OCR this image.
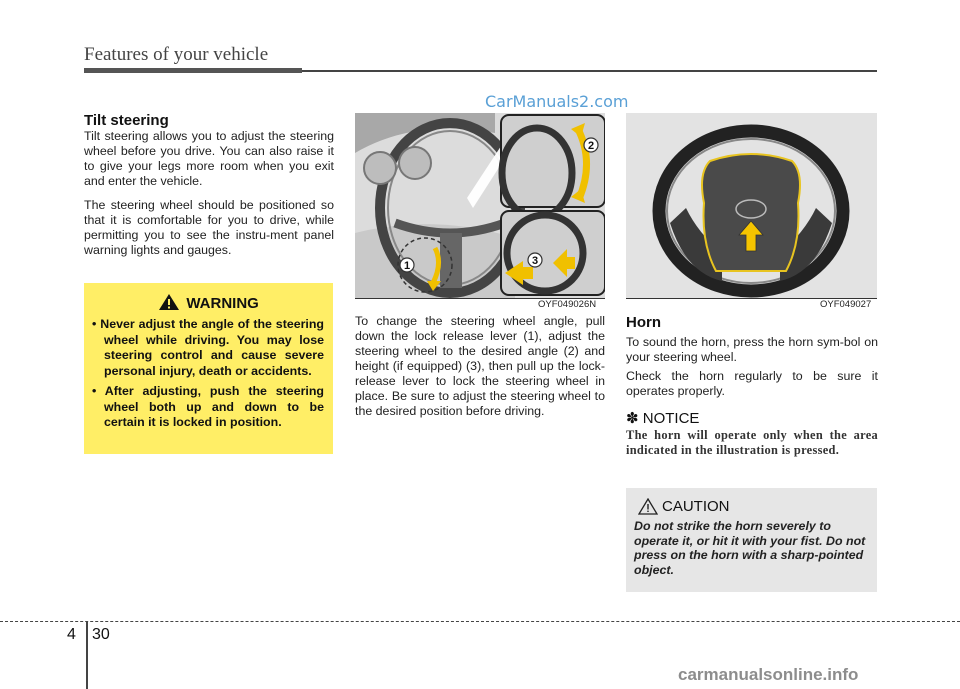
Features of your vehicle
CarManuals2.com
Tilt steering

Tilt steering allows you to adjust the steering wheel before you drive. You can also raise it to give your legs more room when you exit and enter the vehicle.

The steering wheel should be positioned so that it is comfortable for you to drive, while permitting you to see the instru-ment panel warning lights and gauges.

WARNING
• Never adjust the angle of the steering wheel while driving. You may lose steering control and cause severe personal injury, death or accidents.
• After adjusting, push the steering wheel both up and down to be certain it is locked in position.
1
2
3
OYF049026N	OYF049027

To change the steering wheel angle, pull down the lock release lever (1), adjust the steering wheel to the desired angle (2) and height (if equipped) (3), then pull up the lock-release lever to lock the steering wheel in place. Be sure to adjust the steering wheel to the desired position before driving.

Horn

To sound the horn, press the horn sym-bol on your steering wheel.

Check the horn regularly to be sure it operates properly.

✽ NOTICE

The horn will operate only when the area indicated in the illustration is pressed.

CAUTION
Do not strike the horn severely to operate it, or hit it with your fist. Do not press on the horn with a sharp-pointed object.
4 30
carmanualsonline.info
